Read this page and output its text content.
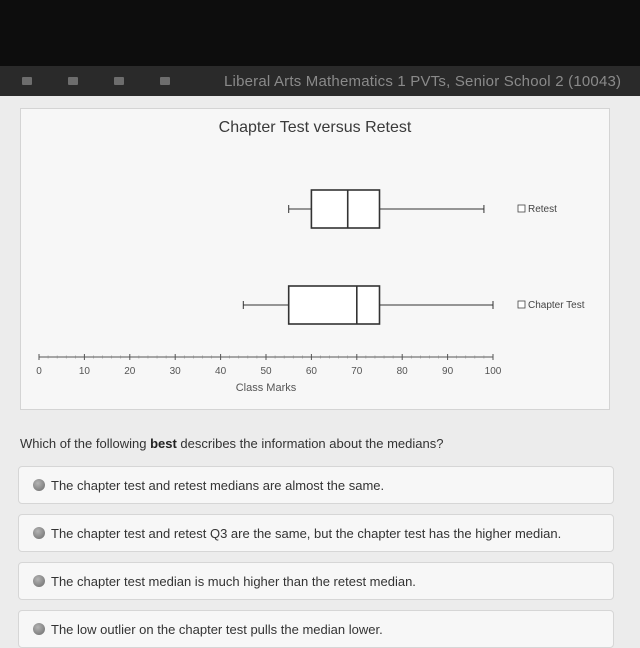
Liberal Arts Mathematics 1 PVTs, Senior School 2 (10043)
Chapter Test versus Retest
0	10	20	30	40	50	60	70	80	90	100
Class Marks
Retest
Chapter Test
Which of the following best describes the information about the medians?
The chapter test and retest medians are almost the same.
The chapter test and retest Q3 are the same, but the chapter test has the higher median.
The chapter test median is much higher than the retest median.
The low outlier on the chapter test pulls the median lower.
